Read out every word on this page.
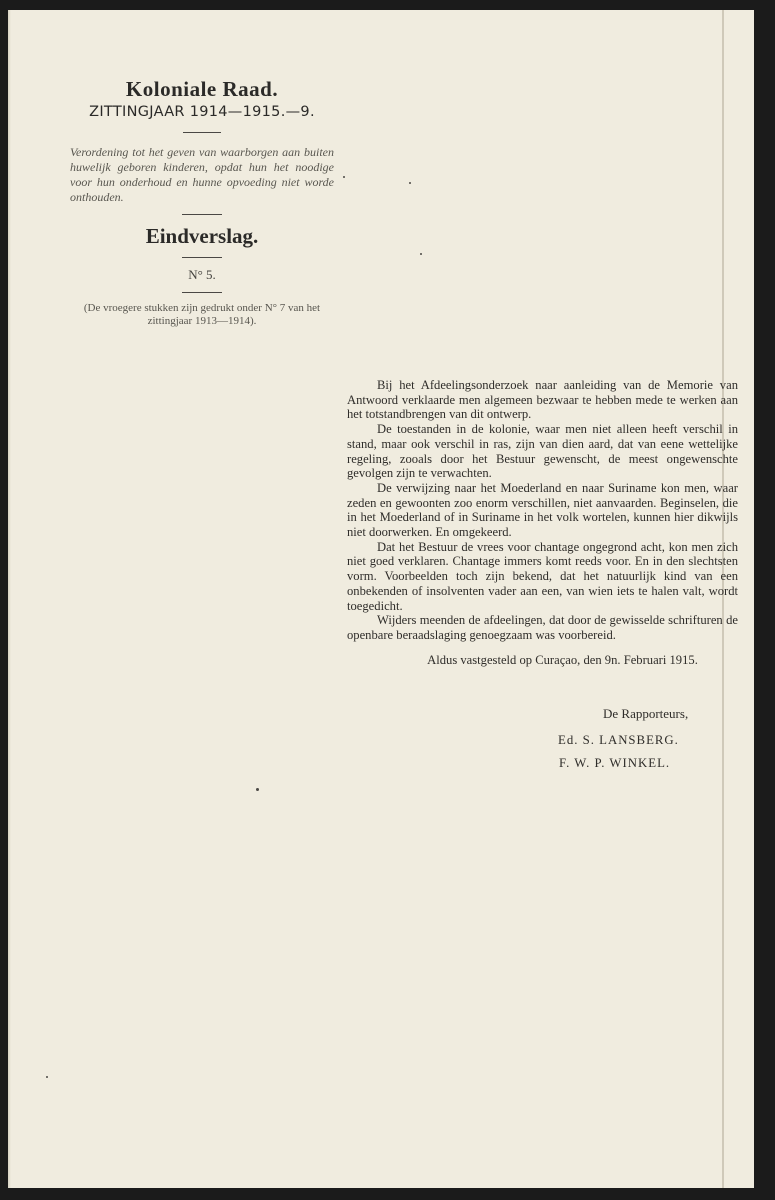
Koloniale Raad.
ZITTINGJAAR 1914—1915.—9.

Verordening tot het geven van waarborgen aan buiten huwelijk geboren kinderen, opdat hun het noodige voor hun onderhoud en hunne opvoeding niet worde onthouden.

Eindverslag.

N° 5.

(De vroegere stukken zijn gedrukt onder N° 7 van het zittingjaar 1913—1914).

Bij het Afdeelingsonderzoek naar aanleiding van de Memorie van Antwoord verklaarde men algemeen bezwaar te hebben mede te werken aan het totstandbrengen van dit ontwerp.

De toestanden in de kolonie, waar men niet alleen heeft verschil in stand, maar ook verschil in ras, zijn van dien aard, dat van eene wettelijke regeling, zooals door het Bestuur gewenscht, de meest ongewenschte gevolgen zijn te verwachten.

De verwijzing naar het Moederland en naar Suriname kon men, waar zeden en gewoonten zoo enorm verschillen, niet aanvaarden. Beginselen, die in het Moederland of in Suriname in het volk wortelen, kunnen hier dikwijls niet doorwerken. En omgekeerd.

Dat het Bestuur de vrees voor chantage ongegrond acht, kon men zich niet goed verklaren. Chantage immers komt reeds voor. En in den slechtsten vorm. Voorbeelden toch zijn bekend, dat het natuurlijk kind van een onbekenden of insolventen vader aan een, van wien iets te halen valt, wordt toegedicht.

Wijders meenden de afdeelingen, dat door de gewisselde schrifturen de openbare beraadslaging genoegzaam was voorbereid.

Aldus vastgesteld op Curaçao, den 9n. Februari 1915.

De Rapporteurs,
Ed. S. LANSBERG.
F. W. P. WINKEL.
